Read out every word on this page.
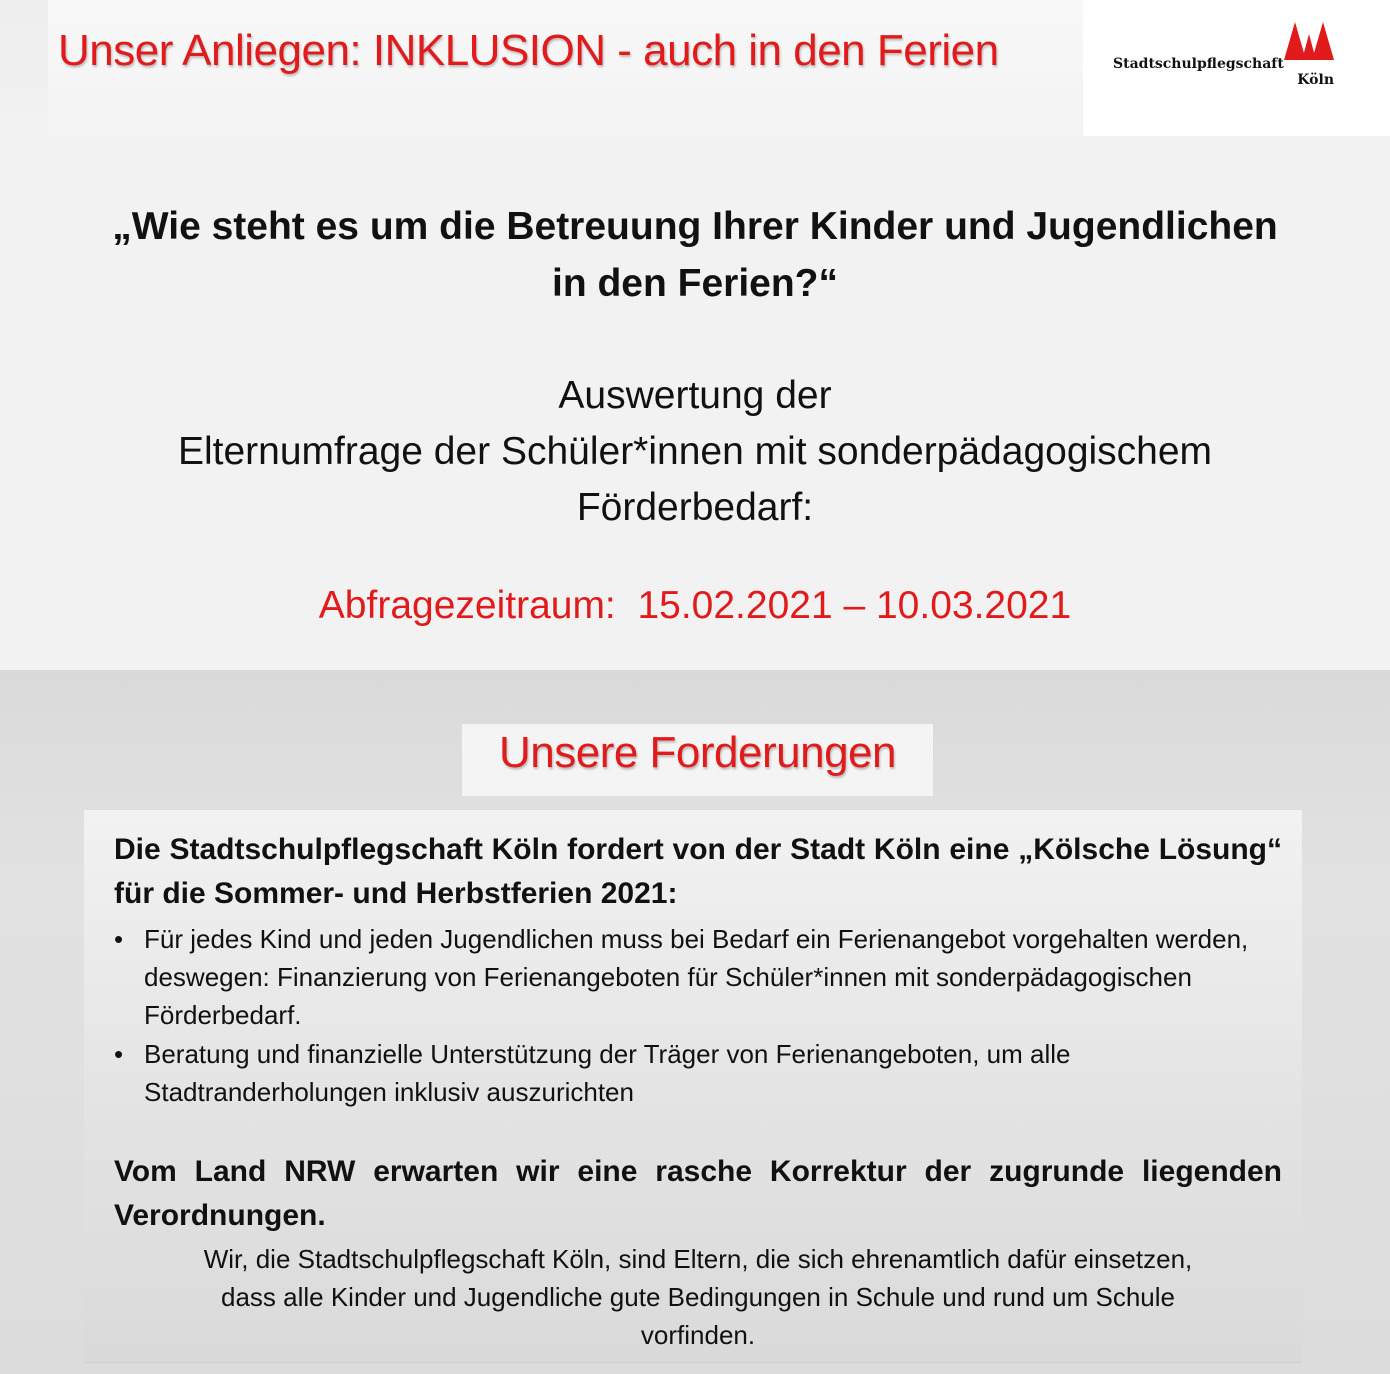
Unser Anliegen: INKLUSION - auch in den Ferien	Stadtschulpflegschaft
Köln
„Wie steht es um die Betreuung Ihrer Kinder und Jugendlichen
in den Ferien?“
Auswertung der
Elternumfrage der Schüler*innen mit sonderpädagogischem
Förderbedarf:
Abfragezeitraum:  15.02.2021 – 10.03.2021
Unsere Forderungen

Die Stadtschulpflegschaft Köln fordert von der Stadt Köln eine „Kölsche Lösung“ für die Sommer- und Herbstferien 2021:

• Für jedes Kind und jeden Jugendlichen muss bei Bedarf ein Ferienangebot vorgehalten werden, deswegen: Finanzierung von Ferienangeboten für Schüler*innen mit sonderpädagogischen Förderbedarf.
• Beratung und finanzielle Unterstützung der Träger von Ferienangeboten, um alle Stadtranderholungen inklusiv auszurichten

Vom Land NRW erwarten wir eine rasche Korrektur der zugrunde liegenden Verordnungen.

Wir, die Stadtschulpflegschaft Köln, sind Eltern, die sich ehrenamtlich dafür einsetzen,
dass alle Kinder und Jugendliche gute Bedingungen in Schule und rund um Schule
vorfinden.
